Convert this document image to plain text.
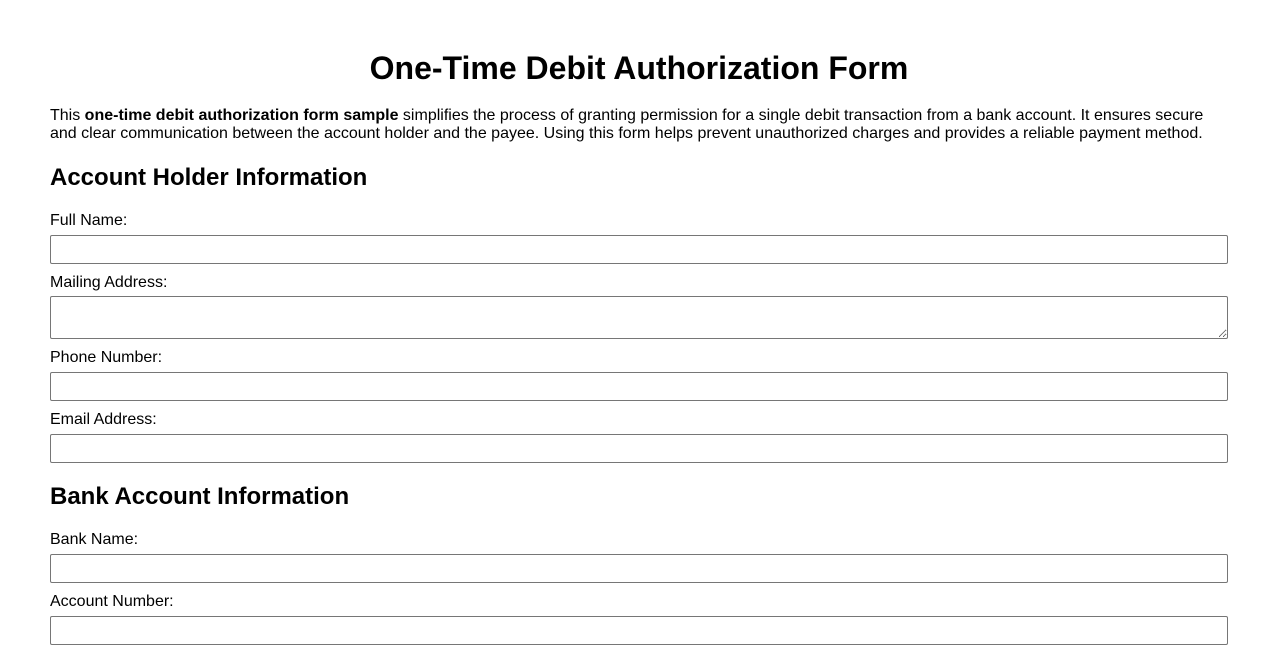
One-Time Debit Authorization Form

This one-time debit authorization form sample simplifies the process of granting permission for a single debit transaction from a bank account. It ensures secure and clear communication between the account holder and the payee. Using this form helps prevent unauthorized charges and provides a reliable payment method.

Account Holder Information
Full Name:
Mailing Address:
Phone Number:
Email Address:
Bank Account Information
Bank Name:
Account Number:
